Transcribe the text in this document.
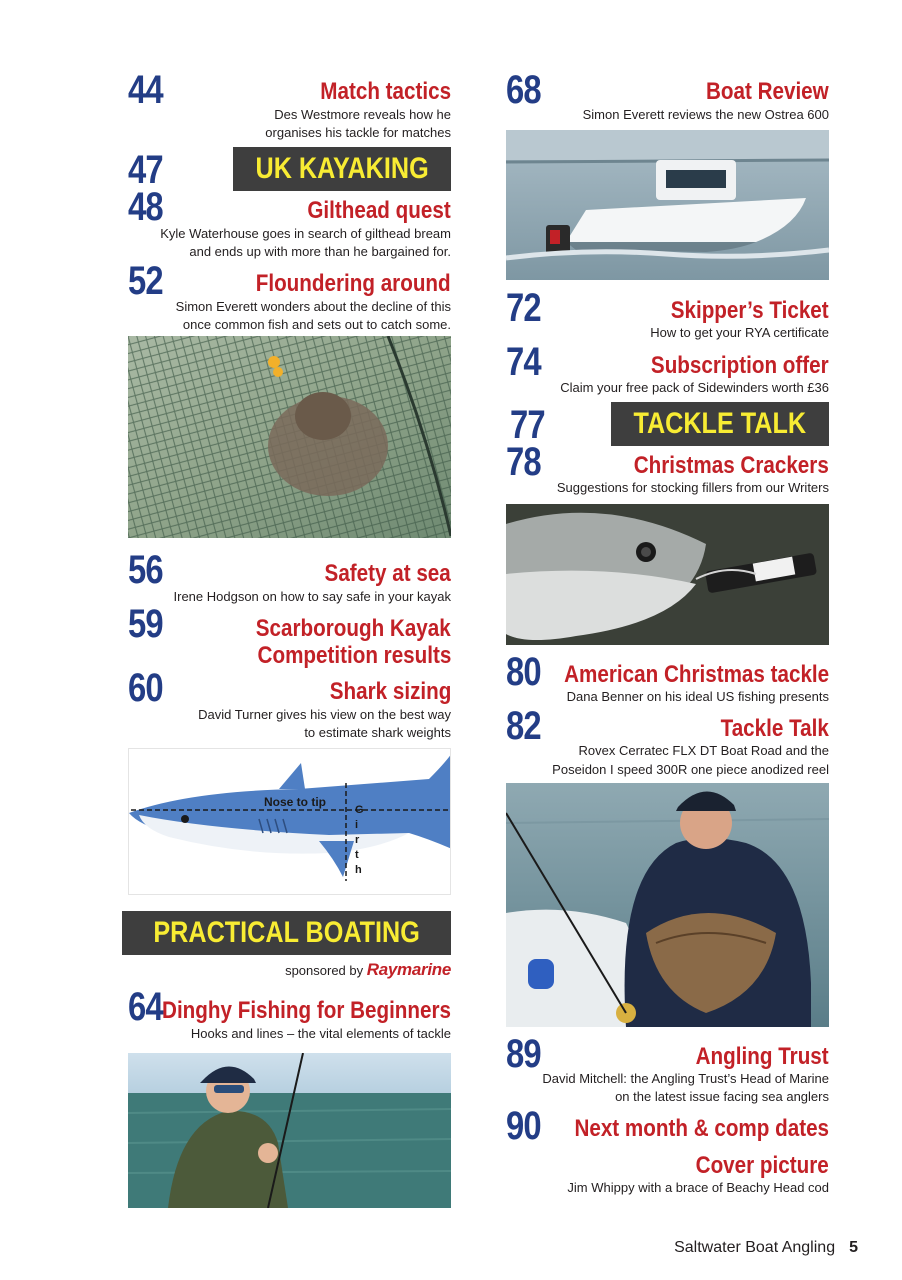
44	Match tactics
Des Westmore reveals how he
organises his tackle for matches
47	UK KAYAKING
48	Gilthead quest
Kyle Waterhouse goes in search of gilthead bream
and ends up with more than he bargained for.
52	Floundering around
Simon Everett wonders about the decline of this
once common fish and sets out to catch some.
56	Safety at sea
Irene Hodgson on how to say safe in your kayak
59	Scarborough Kayak
Competition results
60	Shark sizing
David Turner gives his view on the best way
to estimate shark weights
Nose to tip
G
i
r
t
h
PRACTICAL BOATING
sponsored by Raymarine
64 Dinghy Fishing for Beginners
Hooks and lines – the vital elements of tackle
68	Boat Review
Simon Everett reviews the new Ostrea 600
72	Skipper’s Ticket
How to get your RYA certificate
74	Subscription offer
Claim your free pack of Sidewinders worth £36
77	TACKLE TALK
78	Christmas Crackers
Suggestions for stocking fillers from our Writers
80 American Christmas tackle
Dana Benner on his ideal US fishing presents
82	Tackle Talk
Rovex Cerratec FLX DT Boat Road and the
Poseidon I speed 300R one piece anodized reel
89	Angling Trust
David Mitchell: the Angling Trust’s Head of Marine
on the latest issue facing sea anglers
90 Next month & comp dates
Cover picture
Jim Whippy with a brace of Beachy Head cod
Saltwater Boat Angling 5
